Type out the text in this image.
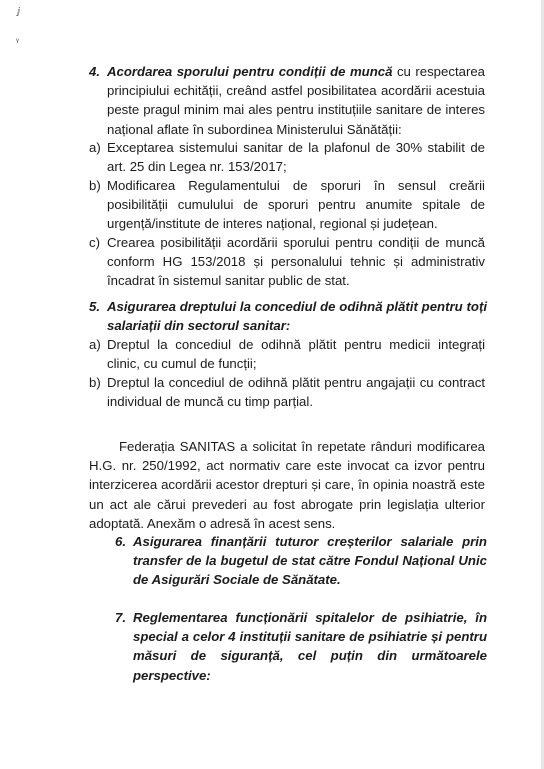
ⅉ
ᵞ
4. Acordarea sporului pentru condiții de muncă cu respectarea principiului echității, creând astfel posibilitatea acordării acestuia peste pragul minim mai ales pentru instituțiile sanitare de interes național aflate în subordinea Ministerului Sănătății:
a) Exceptarea sistemului sanitar de la plafonul de 30% stabilit de art. 25 din Legea nr. 153/2017;
b) Modificarea Regulamentului de sporuri în sensul creării posibilității cumulului de sporuri pentru anumite spitale de urgență/institute de interes național, regional și județean.
c) Crearea posibilității acordării sporului pentru condiții de muncă conform HG 153/2018 și personalului tehnic și administrativ încadrat în sistemul sanitar public de stat.
5. Asigurarea dreptului la concediul de odihnă plătit pentru toți salariații din sectorul sanitar:
a) Dreptul la concediul de odihnă plătit pentru medicii integrați clinic, cu cumul de funcții;
b) Dreptul la concediul de odihnă plătit pentru angajații cu contract individual de muncă cu timp parțial.
Federația SANITAS a solicitat în repetate rânduri modificarea H.G. nr. 250/1992, act normativ care este invocat ca izvor pentru interzicerea acordării acestor drepturi și care, în opinia noastră este un act ale cărui prevederi au fost abrogate prin legislația ulterior adoptată. Anexăm o adresă în acest sens.
6. Asigurarea finanțării tuturor creșterilor salariale prin transfer de la bugetul de stat către Fondul Național Unic de Asigurări Sociale de Sănătate.
7. Reglementarea funcționării spitalelor de psihiatrie, în special a celor 4 instituții sanitare de psihiatrie și pentru măsuri de siguranță, cel puțin din următoarele perspective:
